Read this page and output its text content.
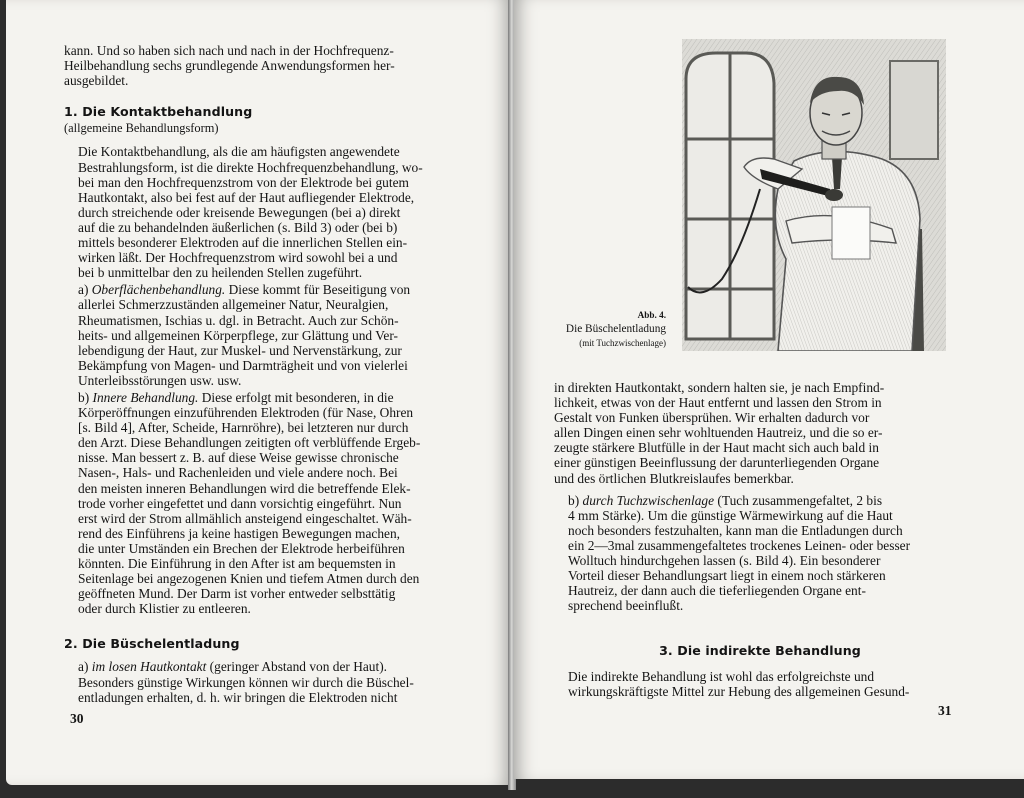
kann. Und so haben sich nach und nach in der Hochfrequenz-
Heilbehandlung sechs grundlegende Anwendungsformen her-
ausgebildet.

1. Die Kontaktbehandlung

(allgemeine Behandlungsform)

Die Kontaktbehandlung, als die am häufigsten angewendete
Bestrahlungsform, ist die direkte Hochfrequenzbehandlung, wo-
bei man den Hochfrequenzstrom von der Elektrode bei gutem
Hautkontakt, also bei fest auf der Haut aufliegender Elektrode,
durch streichende oder kreisende Bewegungen (bei a) direkt
auf die zu behandelnden äußerlichen (s. Bild 3) oder (bei b)
mittels besonderer Elektroden auf die innerlichen Stellen ein-
wirken läßt. Der Hochfrequenzstrom wird sowohl bei a und
bei b unmittelbar den zu heilenden Stellen zugeführt.

a) Oberflächenbehandlung. Diese kommt für Beseitigung von
allerlei Schmerzzuständen allgemeiner Natur, Neuralgien,
Rheumatismen, Ischias u. dgl. in Betracht. Auch zur Schön-
heits- und allgemeinen Körperpflege, zur Glättung und Ver-
lebendigung der Haut, zur Muskel- und Nervenstärkung, zur
Bekämpfung von Magen- und Darmträgheit und von vielerlei
Unterleibsstörungen usw. usw.

b) Innere Behandlung. Diese erfolgt mit besonderen, in die
Körperöffnungen einzuführenden Elektroden (für Nase, Ohren
[s. Bild 4], After, Scheide, Harnröhre), bei letzteren nur durch
den Arzt. Diese Behandlungen zeitigten oft verblüffende Ergeb-
nisse. Man bessert z. B. auf diese Weise gewisse chronische
Nasen-, Hals- und Rachenleiden und viele andere noch. Bei
den meisten inneren Behandlungen wird die betreffende Elek-
trode vorher eingefettet und dann vorsichtig eingeführt. Nun
erst wird der Strom allmählich ansteigend eingeschaltet. Wäh-
rend des Einführens ja keine hastigen Bewegungen machen,
die unter Umständen ein Brechen der Elektrode herbeiführen
könnten. Die Einführung in den After ist am bequemsten in
Seitenlage bei angezogenen Knien und tiefem Atmen durch den
geöffneten Mund. Der Darm ist vorher entweder selbsttätig
oder durch Klistier zu entleeren.

2. Die Büschelentladung

a) im losen Hautkontakt (geringer Abstand von der Haut).
Besonders günstige Wirkungen können wir durch die Büschel-
entladungen erhalten, d. h. wir bringen die Elektroden nicht

30
Abb. 4.
Die Büschelentladung
(mit Tuchzwischenlage)

in direkten Hautkontakt, sondern halten sie, je nach Empfind-
lichkeit, etwas von der Haut entfernt und lassen den Strom in
Gestalt von Funken übersprühen. Wir erhalten dadurch vor
allen Dingen einen sehr wohltuenden Hautreiz, und die so er-
zeugte stärkere Blutfülle in der Haut macht sich auch bald in
einer günstigen Beeinflussung der darunterliegenden Organe
und des örtlichen Blutkreislaufes bemerkbar.

b) durch Tuchzwischenlage (Tuch zusammengefaltet, 2 bis
4 mm Stärke). Um die günstige Wärmewirkung auf die Haut
noch besonders festzuhalten, kann man die Entladungen durch
ein 2—3mal zusammengefaltetes trockenes Leinen- oder besser
Wolltuch hindurchgehen lassen (s. Bild 4). Ein besonderer
Vorteil dieser Behandlungsart liegt in einem noch stärkeren
Hautreiz, der dann auch die tieferliegenden Organe ent-
sprechend beeinflußt.

3. Die indirekte Behandlung

Die indirekte Behandlung ist wohl das erfolgreichste und
wirkungskräftigste Mittel zur Hebung des allgemeinen Gesund-

31
